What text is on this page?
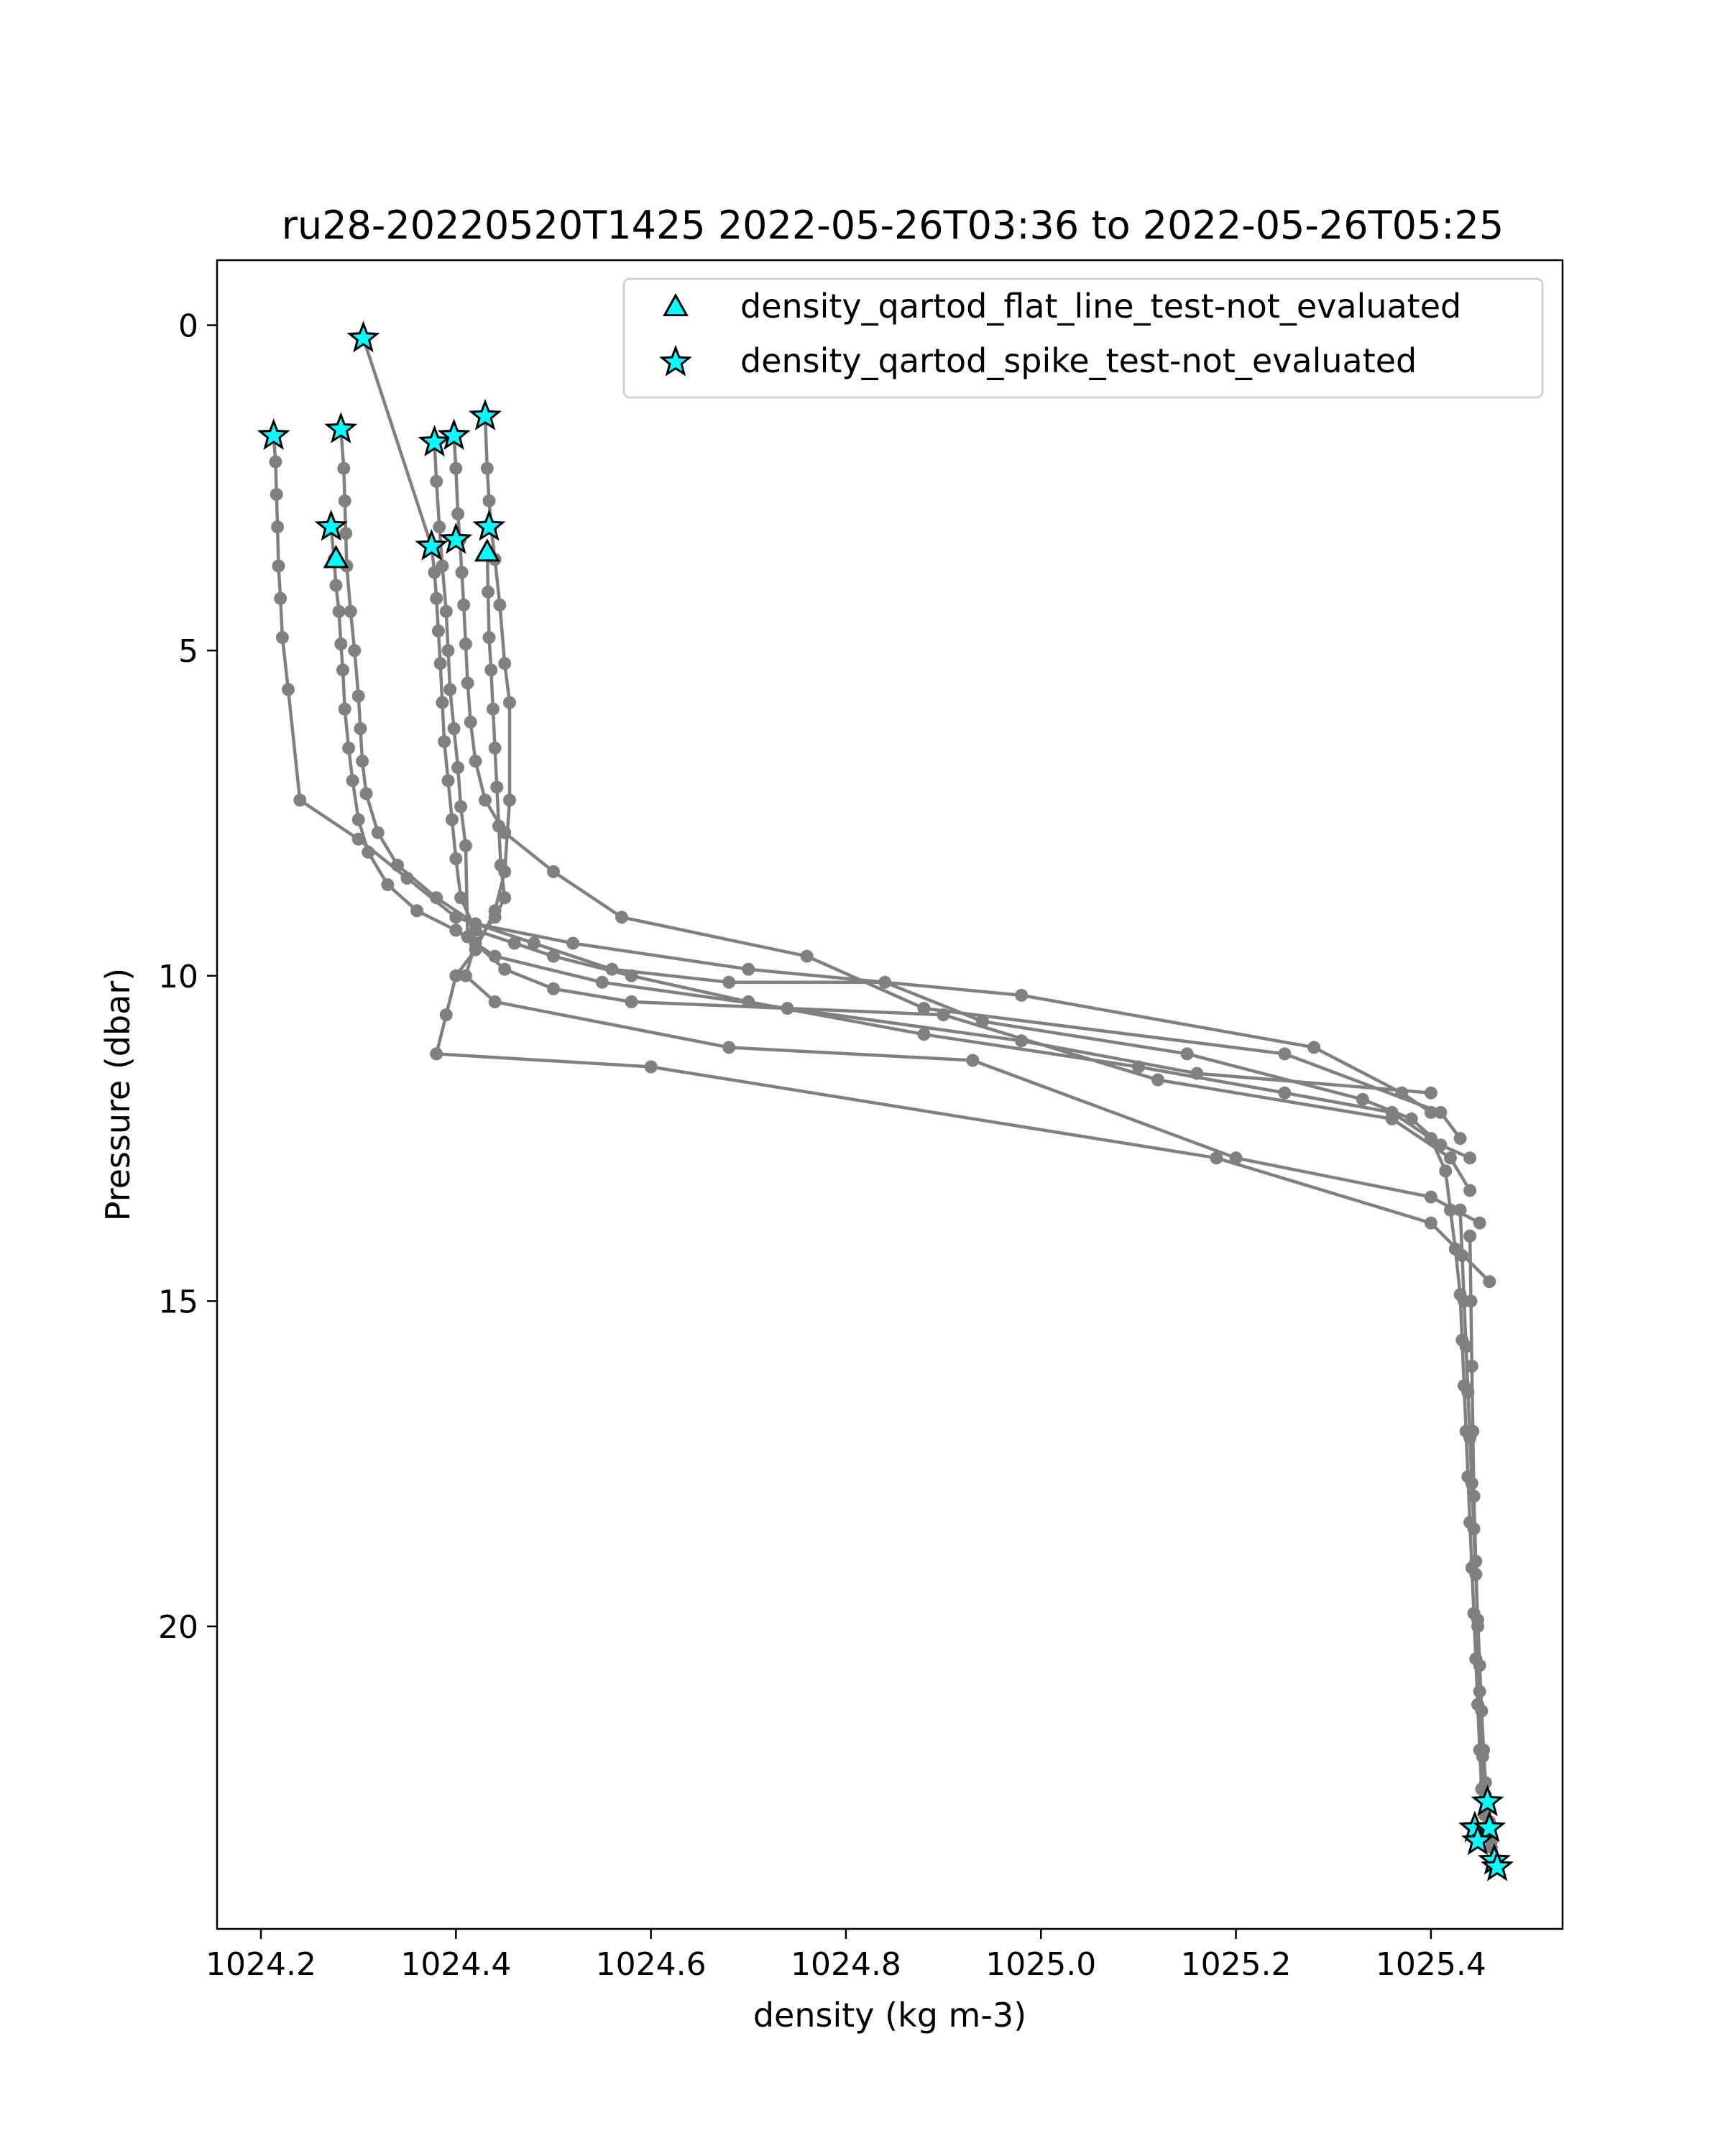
ru28-20220520T1425 2022-05-26T03:36 to 2022-05-26T05:25
1024.2	1024.4	1024.6	1024.8	1025.0	1025.2	1025.4
0
5
10
15
20
density (kg m-3)
Pressure (dbar)
density_qartod_flat_line_test-not_evaluated
density_qartod_spike_test-not_evaluated
